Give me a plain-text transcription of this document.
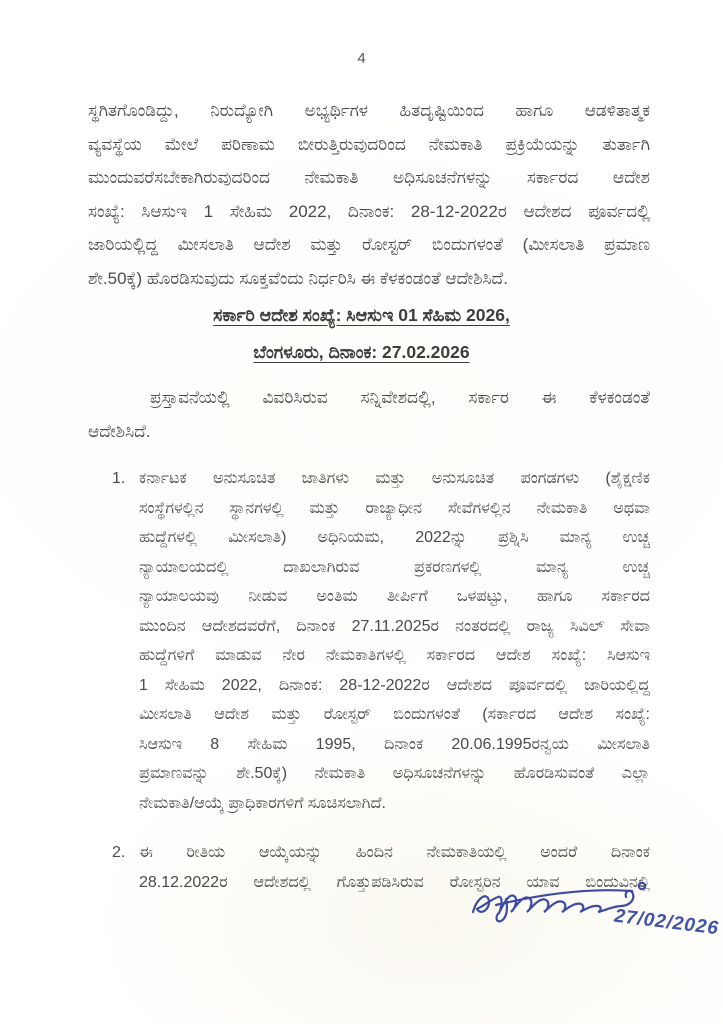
4
ಸ್ಥಗಿತಗೊಂಡಿದ್ದು, ನಿರುದ್ಯೋಗಿ ಅಭ್ಯರ್ಥಿಗಳ ಹಿತದೃಷ್ಟಿಯಿಂದ ಹಾಗೂ ಆಡಳಿತಾತ್ಮಕ
ವ್ಯವಸ್ಥೆಯ ಮೇಲೆ ಪರಿಣಾಮ ಬೀರುತ್ತಿರುವುದರಿಂದ ನೇಮಕಾತಿ ಪ್ರಕ್ರಿಯೆಯನ್ನು ತುರ್ತಾಗಿ
ಮುಂದುವರೆಸಬೇಕಾಗಿರುವುದರಿಂದ ನೇಮಕಾತಿ ಅಧಿಸೂಚನೆಗಳನ್ನು ಸರ್ಕಾರದ ಆದೇಶ
ಸಂಖ್ಯೆ: ಸಿಆಸುಇ 1 ಸೇಹಿಮ 2022, ದಿನಾಂಕ: 28-12-2022ರ ಆದೇಶದ ಪೂರ್ವದಲ್ಲಿ
ಜಾರಿಯಲ್ಲಿದ್ದ ಮೀಸಲಾತಿ ಆದೇಶ ಮತ್ತು ರೋಸ್ಟರ್ ಬಿಂದುಗಳಂತೆ (ಮೀಸಲಾತಿ ಪ್ರಮಾಣ
ಶೇ.50ಕ್ಕೆ) ಹೊರಡಿಸುವುದು ಸೂಕ್ತವೆಂದು ನಿರ್ಧರಿಸಿ ಈ ಕೆಳಕಂಡಂತೆ ಆದೇಶಿಸಿದೆ.
ಸರ್ಕಾರಿ ಆದೇಶ ಸಂಖ್ಯೆ: ಸಿಆಸುಇ 01 ಸೆಹಿಮ 2026,
ಬೆಂಗಳೂರು, ದಿನಾಂಕ: 27.02.2026
ಪ್ರಸ್ತಾವನೆಯಲ್ಲಿ ವಿವರಿಸಿರುವ ಸನ್ನಿವೇಶದಲ್ಲಿ, ಸರ್ಕಾರ ಈ ಕೆಳಕಂಡಂತೆ
ಆದೇಶಿಸಿದೆ.
1. ಕರ್ನಾಟಕ ಅನುಸೂಚಿತ ಜಾತಿಗಳು ಮತ್ತು ಅನುಸೂಚಿತ ಪಂಗಡಗಳು (ಶೈಕ್ಷಣಿಕ
ಸಂಸ್ಥೆಗಳಲ್ಲಿನ ಸ್ಥಾನಗಳಲ್ಲಿ ಮತ್ತು ರಾಜ್ಯಾಧೀನ ಸೇವೆಗಳಲ್ಲಿನ ನೇಮಕಾತಿ ಅಥವಾ
ಹುದ್ದೆಗಳಲ್ಲಿ ಮೀಸಲಾತಿ) ಅಧಿನಿಯಮ, 2022ನ್ನು ಪ್ರಶ್ನಿಸಿ ಮಾನ್ಯ ಉಚ್ಚ
ನ್ಯಾಯಾಲಯದಲ್ಲಿ ದಾಖಲಾಗಿರುವ ಪ್ರಕರಣಗಳಲ್ಲಿ ಮಾನ್ಯ ಉಚ್ಚ
ನ್ಯಾಯಾಲಯವು ನೀಡುವ ಅಂತಿಮ ತೀರ್ಪಿಗೆ ಒಳಪಟ್ಟು, ಹಾಗೂ ಸರ್ಕಾರದ
ಮುಂದಿನ ಆದೇಶದವರೆಗೆ, ದಿನಾಂಕ 27.11.2025ರ ನಂತರದಲ್ಲಿ ರಾಜ್ಯ ಸಿವಿಲ್ ಸೇವಾ
ಹುದ್ದೆಗಳಿಗೆ ಮಾಡುವ ನೇರ ನೇಮಕಾತಿಗಳಲ್ಲಿ ಸರ್ಕಾರದ ಆದೇಶ ಸಂಖ್ಯೆ: ಸಿಆಸುಇ
1 ಸೇಹಿಮ 2022, ದಿನಾಂಕ: 28-12-2022ರ ಆದೇಶದ ಪೂರ್ವದಲ್ಲಿ ಜಾರಿಯಲ್ಲಿದ್ದ
ಮೀಸಲಾತಿ ಆದೇಶ ಮತ್ತು ರೋಸ್ಟರ್ ಬಿಂದುಗಳಂತೆ (ಸರ್ಕಾರದ ಆದೇಶ ಸಂಖ್ಯೆ:
ಸಿಆಸುಇ 8 ಸೇಹಿಮ 1995, ದಿನಾಂಕ 20.06.1995ರನ್ವಯ ಮೀಸಲಾತಿ
ಪ್ರಮಾಣವನ್ನು ಶೇ.50ಕ್ಕೆ) ನೇಮಕಾತಿ ಅಧಿಸೂಚನೆಗಳನ್ನು ಹೊರಡಿಸುವಂತೆ ಎಲ್ಲಾ
ನೇಮಕಾತಿ/ಆಯ್ಕೆ ಪ್ರಾಧಿಕಾರಗಳಿಗೆ ಸೂಚಿಸಲಾಗಿದೆ.
2. ಈ ರೀತಿಯ ಆಯ್ಕೆಯನ್ನು ಹಿಂದಿನ ನೇಮಕಾತಿಯಲ್ಲಿ ಅಂದರೆ ದಿನಾಂಕ
28.12.2022ರ ಆದೇಶದಲ್ಲಿ ಗೊತ್ತುಪಡಿಸಿರುವ ರೋಸ್ಟರಿನ ಯಾವ ಬಿಂದುವಿನಲ್ಲಿ
27/02/2026
